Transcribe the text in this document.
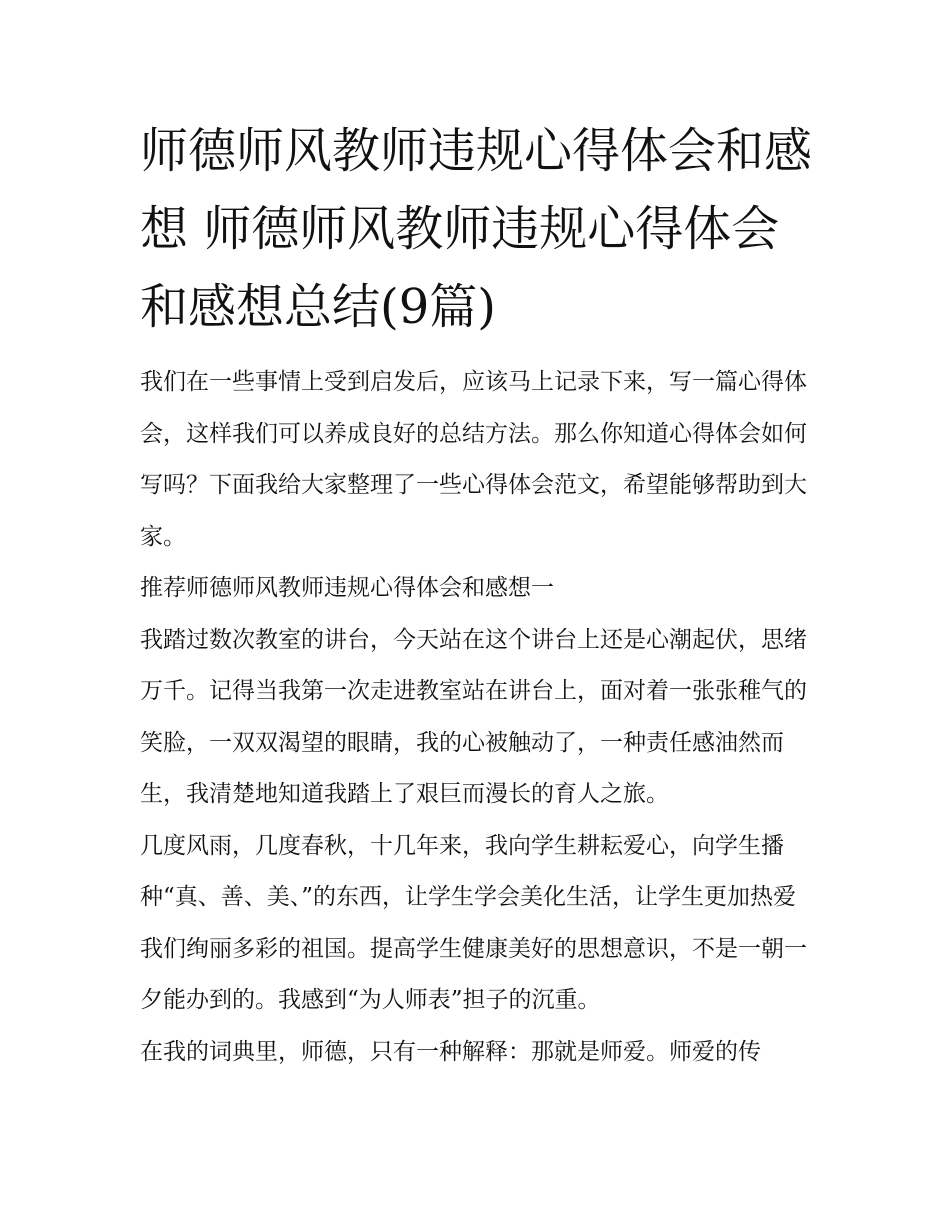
师德师风教师违规心得体会和感想 师德师风教师违规心得体会和感想总结(9篇)

我们在一些事情上受到启发后，应该马上记录下来，写一篇心得体会，这样我们可以养成良好的总结方法。那么你知道心得体会如何写吗？下面我给大家整理了一些心得体会范文，希望能够帮助到大家。

推荐师德师风教师违规心得体会和感想一

我踏过数次教室的讲台，今天站在这个讲台上还是心潮起伏，思绪万千。记得当我第一次走进教室站在讲台上，面对着一张张稚气的笑脸，一双双渴望的眼睛，我的心被触动了，一种责任感油然而生，我清楚地知道我踏上了艰巨而漫长的育人之旅。

几度风雨，几度春秋，十几年来，我向学生耕耘爱心，向学生播种“真、善、美、”的东西，让学生学会美化生活，让学生更加热爱我们绚丽多彩的祖国。提高学生健康美好的思想意识，不是一朝一夕能办到的。我感到“为人师表”担子的沉重。

在我的词典里，师德，只有一种解释：那就是师爱。师爱的传
